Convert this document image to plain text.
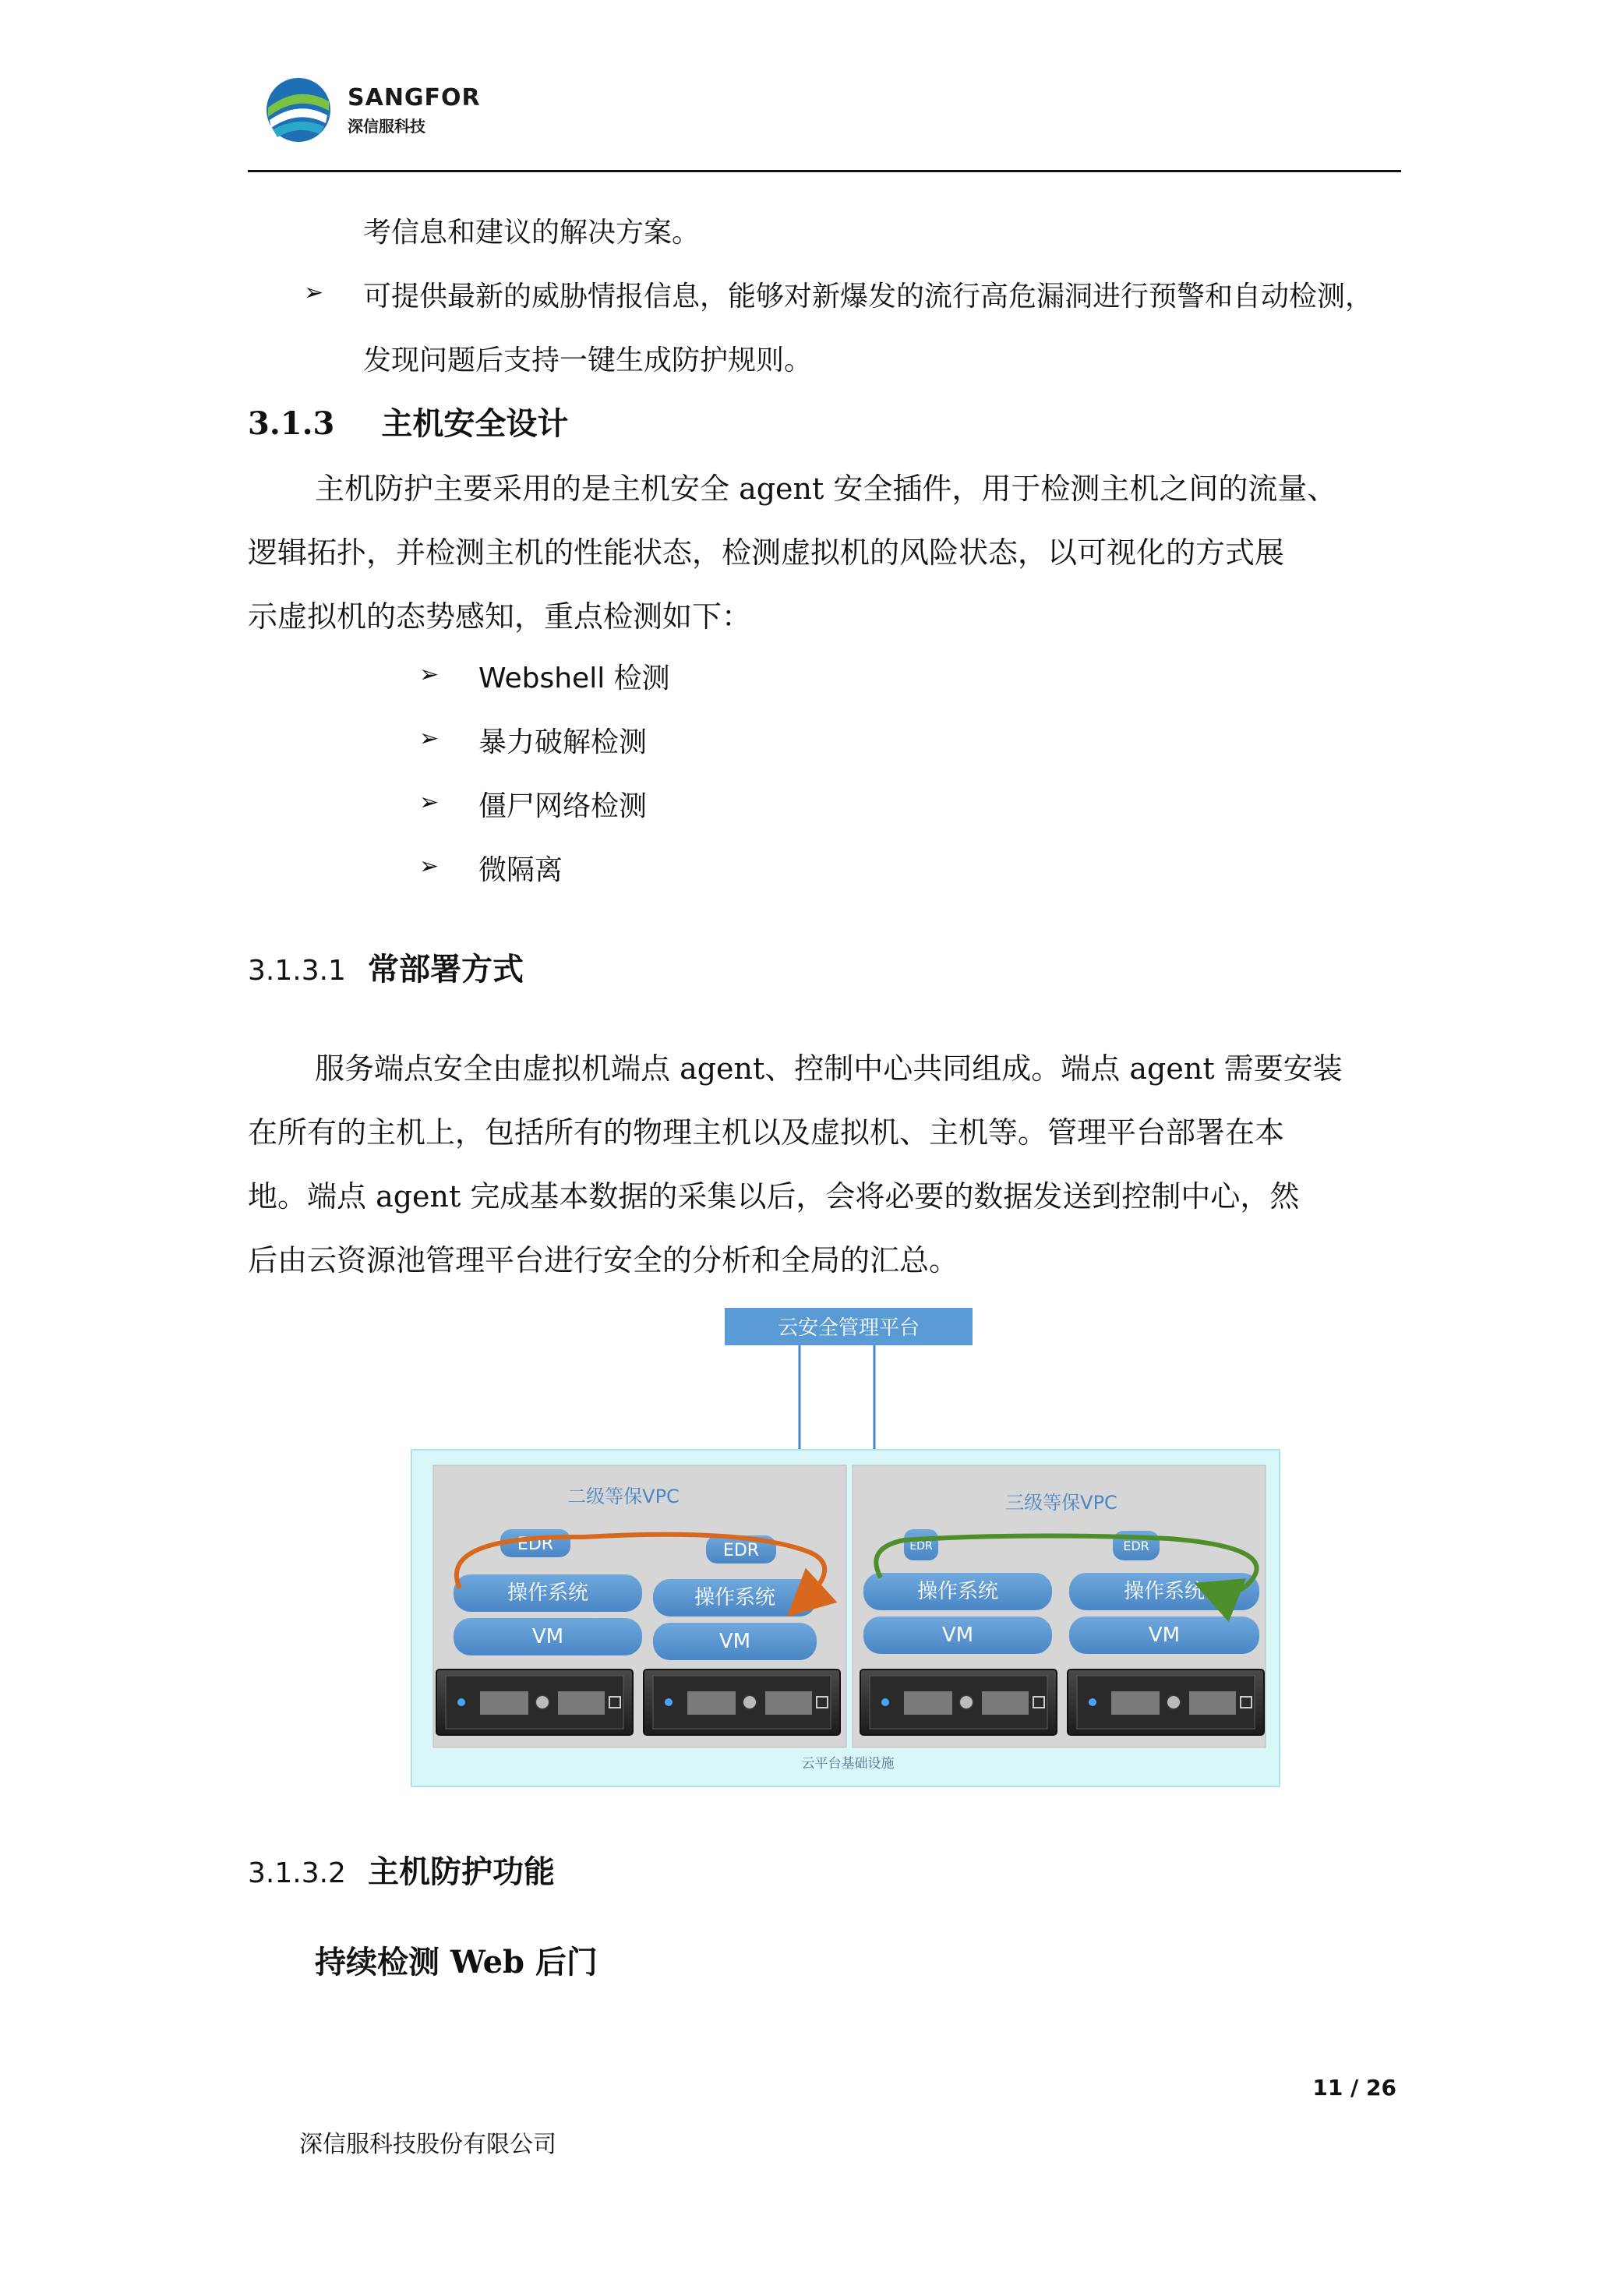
SANGFOR
深信服科技
考信息和建议的解决方案。
➢ 可提供最新的威胁情报信息，能够对新爆发的流行高危漏洞进行预警和自动检测，
发现问题后支持一键生成防护规则。
3.1.3 主机安全设计
主机防护主要采用的是主机安全 agent 安全插件，用于检测主机之间的流量、
逻辑拓扑，并检测主机的性能状态，检测虚拟机的风险状态，以可视化的方式展
示虚拟机的态势感知，重点检测如下：
➢ Webshell 检测
➢ 暴力破解检测
➢ 僵尸网络检测
➢ 微隔离
3.1.3.1 常部署方式
服务端点安全由虚拟机端点 agent、控制中心共同组成。端点 agent 需要安装
在所有的主机上，包括所有的物理主机以及虚拟机、主机等。管理平台部署在本
地。端点 agent 完成基本数据的采集以后，会将必要的数据发送到控制中心，然
后由云资源池管理平台进行安全的分析和全局的汇总。
云安全管理平台
云平台基础设施
二级等保VPC	三级等保VPC
EDR
操作系统
VM
EDR
操作系统
VM
EDR
操作系统
VM
EDR
操作系统
VM
3.1.3.2 主机防护功能
持续检测 Web 后门
11 / 26
深信服科技股份有限公司
